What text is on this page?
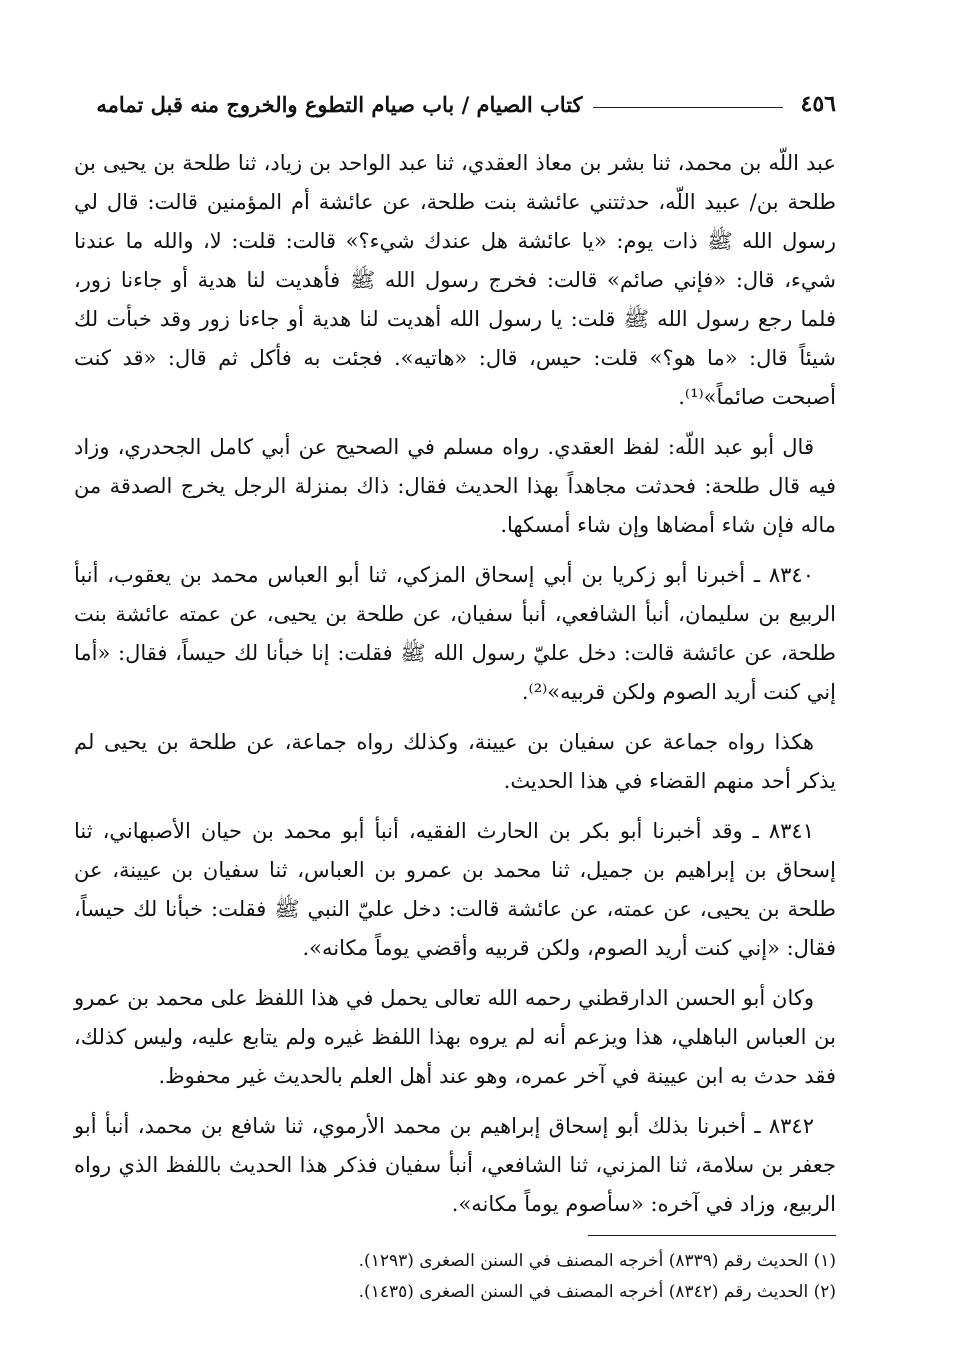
٤٥٦
كتاب الصيام / باب صيام التطوع والخروج منه قبل تمامه

عبد اللّه بن محمد، ثنا بشر بن معاذ العقدي، ثنا عبد الواحد بن زياد، ثنا طلحة بن يحيى بن طلحة بن/ عبيد اللّه، حدثتني عائشة بنت طلحة، عن عائشة أم المؤمنين قالت: قال لي رسول الله ﷺ ذات يوم: «يا عائشة هل عندك شيء؟» قالت: قلت: لا، والله ما عندنا شيء، قال: «فإني صائم» قالت: فخرج رسول الله ﷺ فأهديت لنا هدية أو جاءنا زور، فلما رجع رسول الله ﷺ قلت: يا رسول الله أهديت لنا هدية أو جاءنا زور وقد خبأت لك شيئاً قال: «ما هو؟» قلت: حيس، قال: «هاتيه». فجئت به فأكل ثم قال: «قد كنت أصبحت صائماً»⁽¹⁾.

قال أبو عبد اللّه: لفظ العقدي. رواه مسلم في الصحيح عن أبي كامل الجحدري، وزاد فيه قال طلحة: فحدثت مجاهداً بهذا الحديث فقال: ذاك بمنزلة الرجل يخرج الصدقة من ماله فإن شاء أمضاها وإن شاء أمسكها.

٨٣٤٠ ـ أخبرنا أبو زكريا بن أبي إسحاق المزكي، ثنا أبو العباس محمد بن يعقوب، أنبأ الربيع بن سليمان، أنبأ الشافعي، أنبأ سفيان، عن طلحة بن يحيى، عن عمته عائشة بنت طلحة، عن عائشة قالت: دخل عليّ رسول الله ﷺ فقلت: إنا خبأنا لك حيساً، فقال: «أما إني كنت أريد الصوم ولكن قربيه»⁽²⁾.

هكذا رواه جماعة عن سفيان بن عيينة، وكذلك رواه جماعة، عن طلحة بن يحيى لم يذكر أحد منهم القضاء في هذا الحديث.

٨٣٤١ ـ وقد أخبرنا أبو بكر بن الحارث الفقيه، أنبأ أبو محمد بن حيان الأصبهاني، ثنا إسحاق بن إبراهيم بن جميل، ثنا محمد بن عمرو بن العباس، ثنا سفيان بن عيينة، عن طلحة بن يحيى، عن عمته، عن عائشة قالت: دخل عليّ النبي ﷺ فقلت: خبأنا لك حيساً، فقال: «إني كنت أريد الصوم، ولكن قربيه وأقضي يوماً مكانه».

وكان أبو الحسن الدارقطني رحمه الله تعالى يحمل في هذا اللفظ على محمد بن عمرو بن العباس الباهلي، هذا ويزعم أنه لم يروه بهذا اللفظ غيره ولم يتابع عليه، وليس كذلك، فقد حدث به ابن عيينة في آخر عمره، وهو عند أهل العلم بالحديث غير محفوظ.

٨٣٤٢ ـ أخبرنا بذلك أبو إسحاق إبراهيم بن محمد الأرموي، ثنا شافع بن محمد، أنبأ أبو جعفر بن سلامة، ثنا المزني، ثنا الشافعي، أنبأ سفيان فذكر هذا الحديث باللفظ الذي رواه الربيع، وزاد في آخره: «سأصوم يوماً مكانه».

(١) الحديث رقم (٨٣٣٩) أخرجه المصنف في السنن الصغرى (١٢٩٣).
(٢) الحديث رقم (٨٣٤٢) أخرجه المصنف في السنن الصغرى (١٤٣٥).
